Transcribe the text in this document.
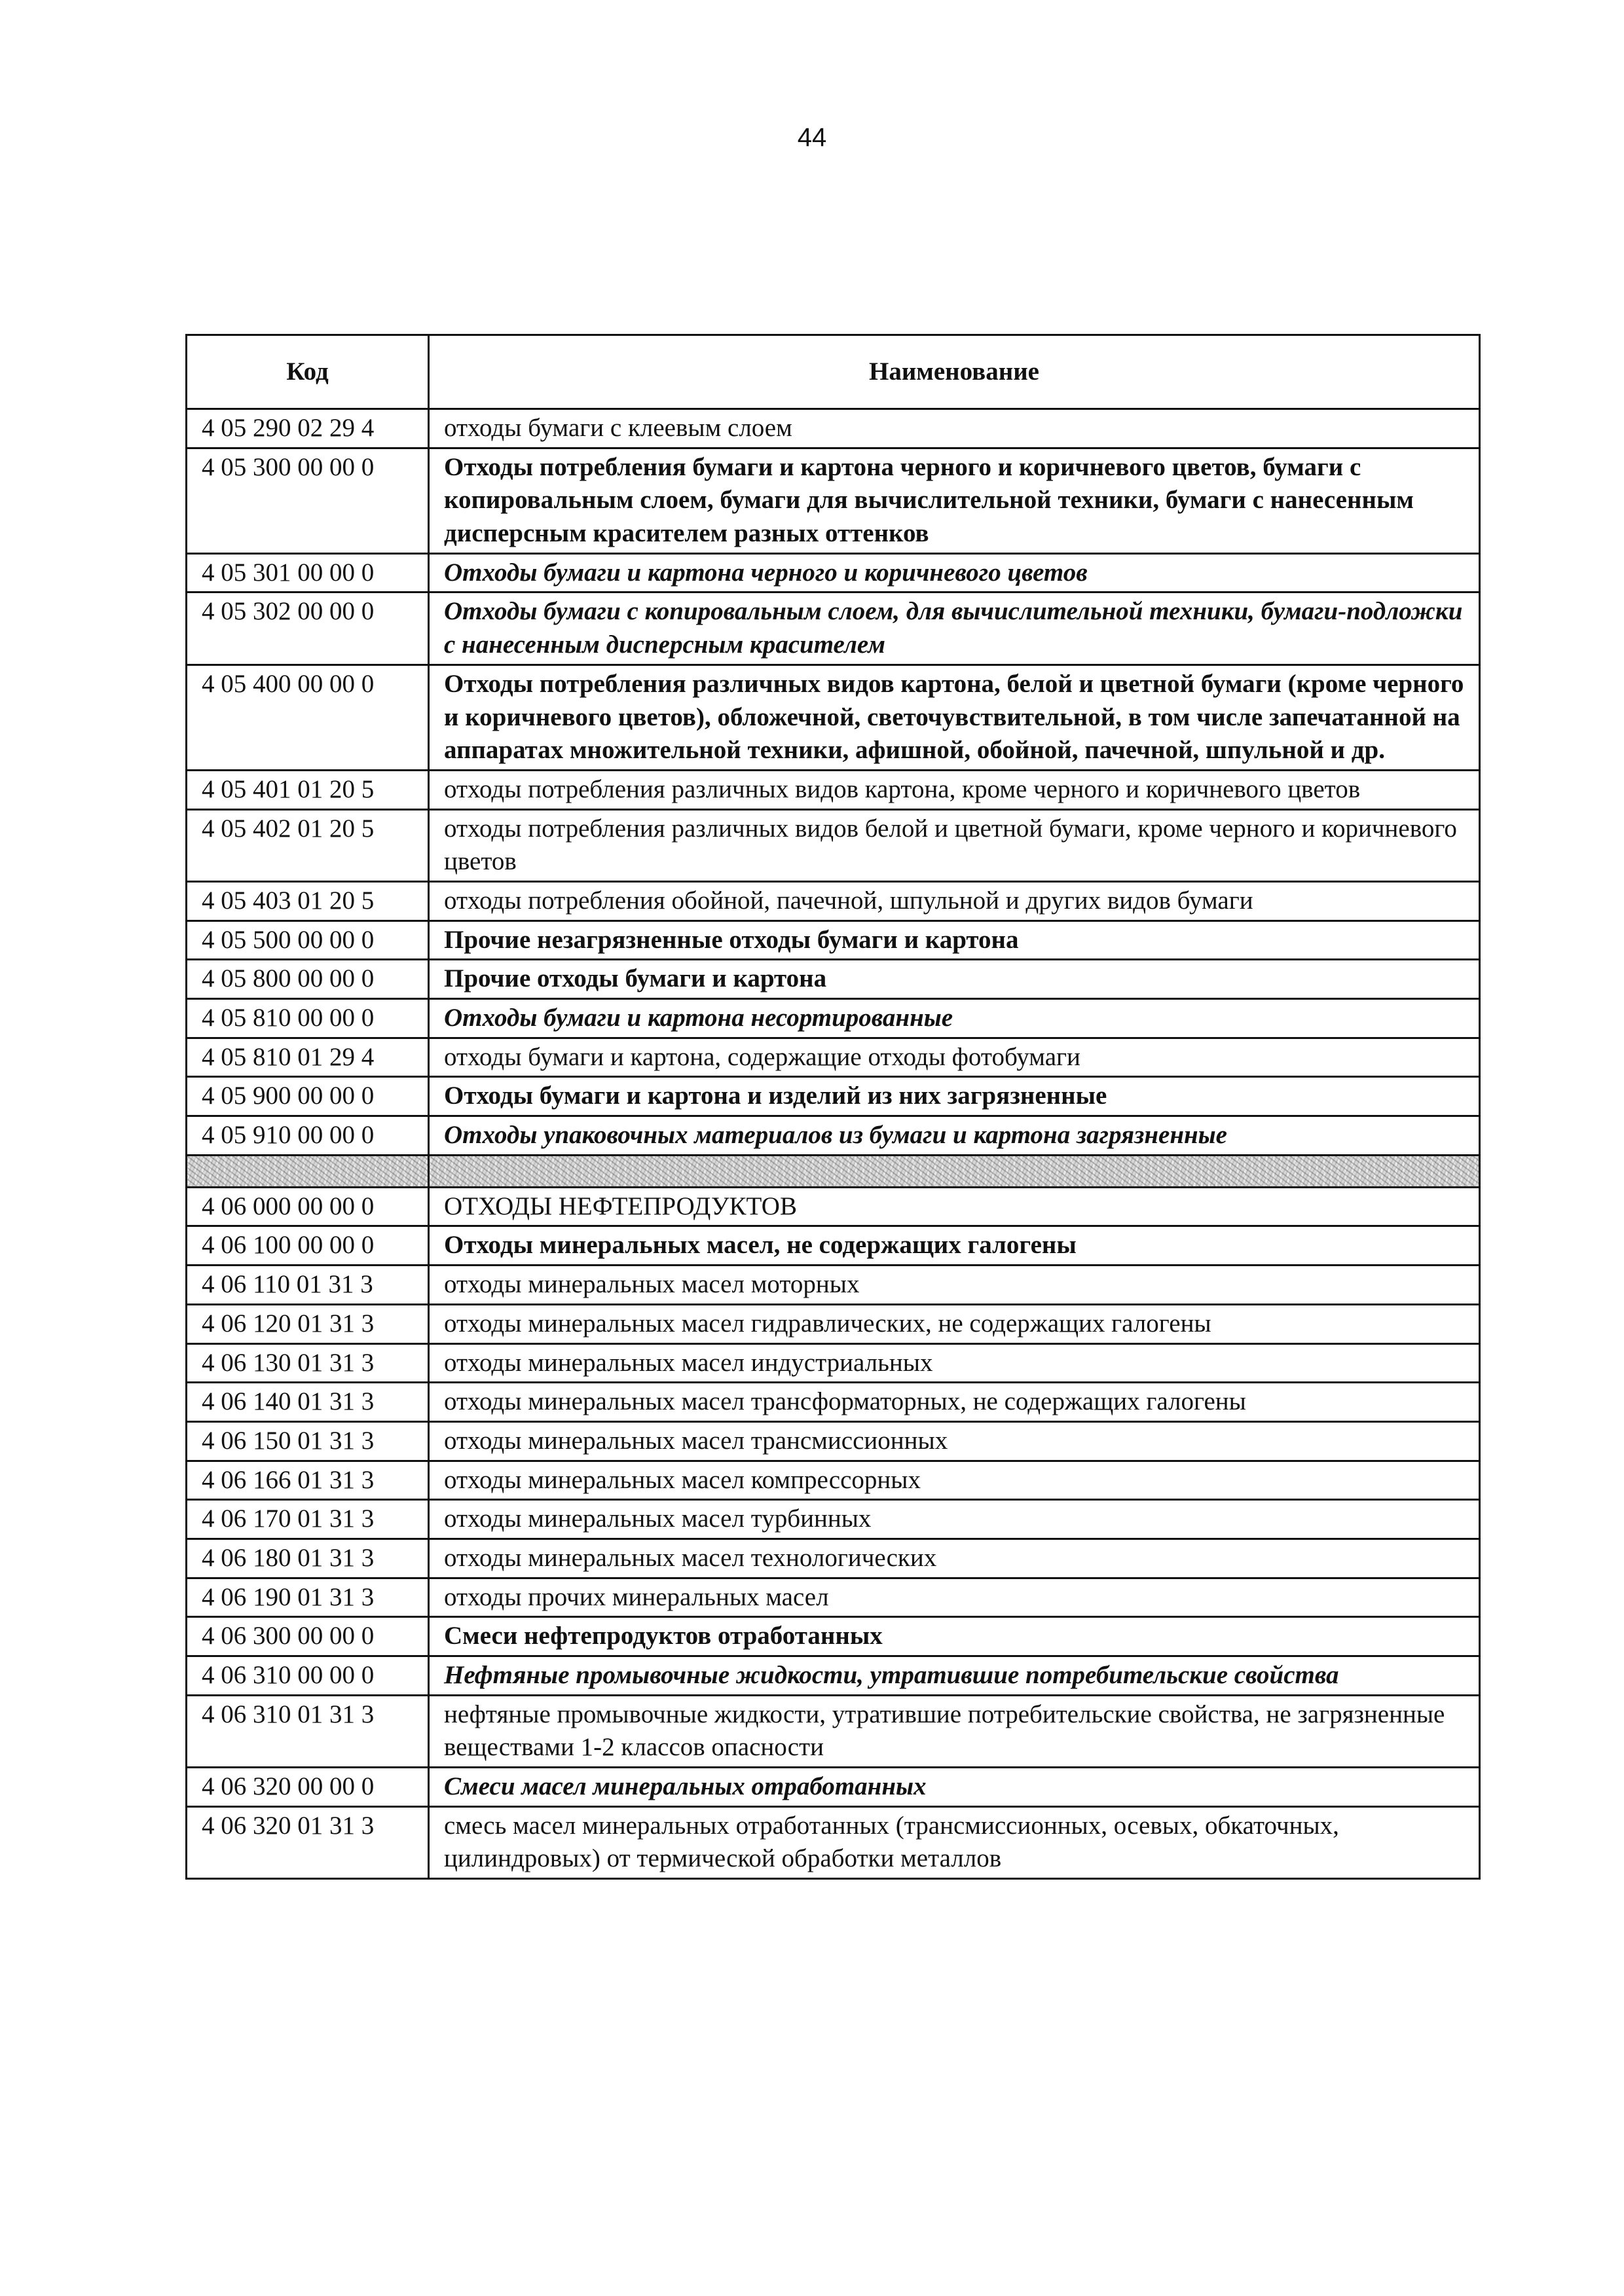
44
Код	Наименование
4 05 290 02 29 4	отходы бумаги с клеевым слоем
4 05 300 00 00 0	Отходы потребления бумаги и картона черного и коричневого цветов, бумаги с копировальным слоем, бумаги для вычислительной техники, бумаги с нанесенным дисперсным красителем разных оттенков
4 05 301 00 00 0	Отходы бумаги и картона черного и коричневого цветов
4 05 302 00 00 0	Отходы бумаги с копировальным слоем, для вычислительной техники, бумаги-подложки с нанесенным дисперсным красителем
4 05 400 00 00 0	Отходы потребления различных видов картона, белой и цветной бумаги (кроме черного и коричневого цветов), обложечной, светочувствительной, в том числе запечатанной на аппаратах множительной техники, афишной, обойной, пачечной, шпульной и др.
4 05 401 01 20 5	отходы потребления различных видов картона, кроме черного и коричневого цветов
4 05 402 01 20 5	отходы потребления различных видов белой и цветной бумаги, кроме черного и коричневого цветов
4 05 403 01 20 5	отходы потребления обойной, пачечной, шпульной и других видов бумаги
4 05 500 00 00 0	Прочие незагрязненные отходы бумаги и картона
4 05 800 00 00 0	Прочие отходы бумаги и картона
4 05 810 00 00 0	Отходы бумаги и картона несортированные
4 05 810 01 29 4	отходы бумаги и картона, содержащие отходы фотобумаги
4 05 900 00 00 0	Отходы бумаги и картона и изделий из них загрязненные
4 05 910 00 00 0	Отходы упаковочных материалов из бумаги и картона загрязненные

4 06 000 00 00 0	ОТХОДЫ НЕФТЕПРОДУКТОВ
4 06 100 00 00 0	Отходы минеральных масел, не содержащих галогены
4 06 110 01 31 3	отходы минеральных масел моторных
4 06 120 01 31 3	отходы минеральных масел гидравлических, не содержащих галогены
4 06 130 01 31 3	отходы минеральных масел индустриальных
4 06 140 01 31 3	отходы минеральных масел трансформаторных, не содержащих галогены
4 06 150 01 31 3	отходы минеральных масел трансмиссионных
4 06 166 01 31 3	отходы минеральных масел компрессорных
4 06 170 01 31 3	отходы минеральных масел турбинных
4 06 180 01 31 3	отходы минеральных масел технологических
4 06 190 01 31 3	отходы прочих минеральных масел
4 06 300 00 00 0	Смеси нефтепродуктов отработанных
4 06 310 00 00 0	Нефтяные промывочные жидкости, утратившие потребительские свойства
4 06 310 01 31 3	нефтяные промывочные жидкости, утратившие потребительские свойства, не загрязненные веществами 1-2 классов опасности
4 06 320 00 00 0	Смеси масел минеральных отработанных
4 06 320 01 31 3	смесь масел минеральных отработанных (трансмиссионных, осевых, обкаточных, цилиндровых) от термической обработки металлов
